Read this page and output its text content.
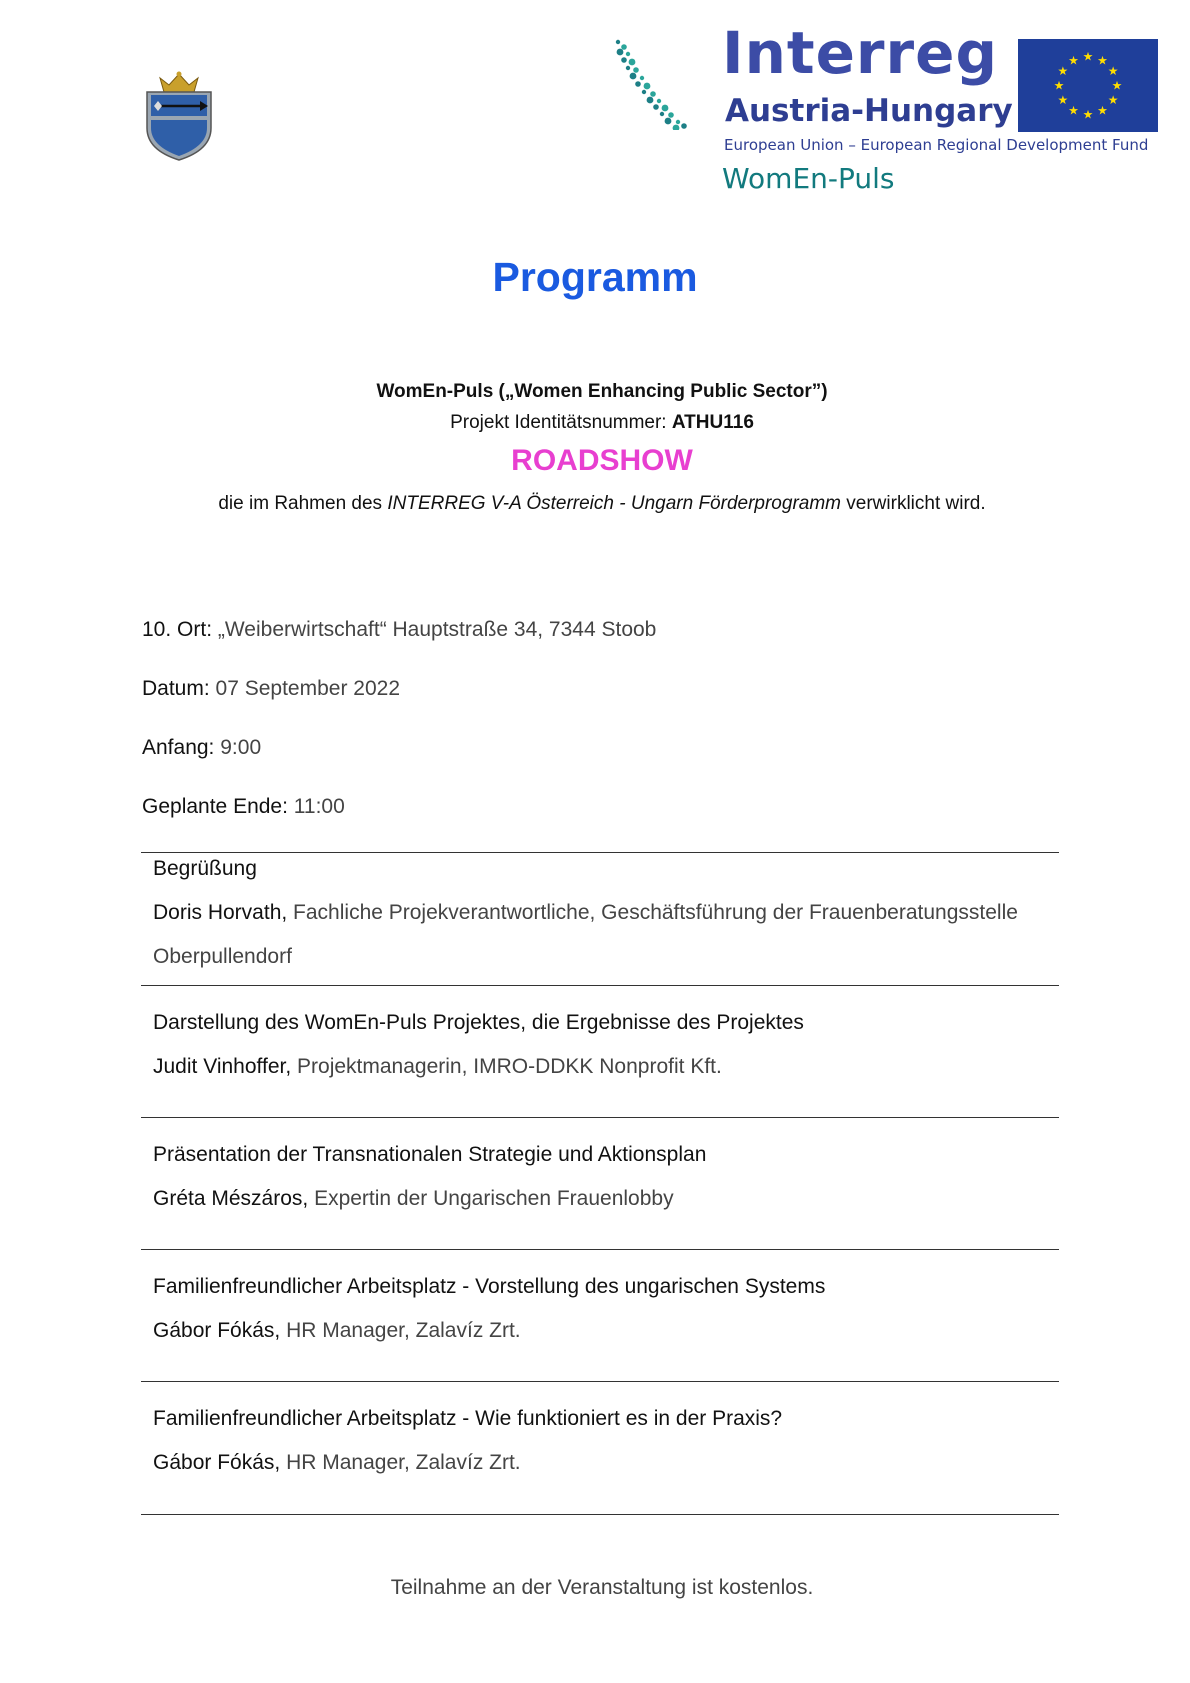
Interreg
Austria-Hungary
European Union – European Regional Development Fund
★
★
★
★
★
★
★
★
★ ★ ★
★
WomEn-Puls
Programm
WomEn-Puls („Women Enhancing Public Sector”)
Projekt Identitätsnummer: ATHU116
ROADSHOW
die im Rahmen des INTERREG V-A Österreich - Ungarn Förderprogramm verwirklicht wird.
10. Ort: „Weiberwirtschaft“ Hauptstraße 34, 7344 Stoob
Datum: 07 September 2022
Anfang: 9:00
Geplante Ende: 11:00
Begrüßung
Doris Horvath, Fachliche Projekverantwortliche, Geschäftsführung der Frauenberatungsstelle
Oberpullendorf
Darstellung des WomEn-Puls Projektes, die Ergebnisse des Projektes
Judit Vinhoffer, Projektmanagerin, IMRO-DDKK Nonprofit Kft.
Präsentation der Transnationalen Strategie und Aktionsplan
Gréta Mészáros, Expertin der Ungarischen Frauenlobby
Familienfreundlicher Arbeitsplatz - Vorstellung des ungarischen Systems
Gábor Fókás, HR Manager, Zalavíz Zrt.
Familienfreundlicher Arbeitsplatz - Wie funktioniert es in der Praxis?
Gábor Fókás, HR Manager, Zalavíz Zrt.
Teilnahme an der Veranstaltung ist kostenlos.
